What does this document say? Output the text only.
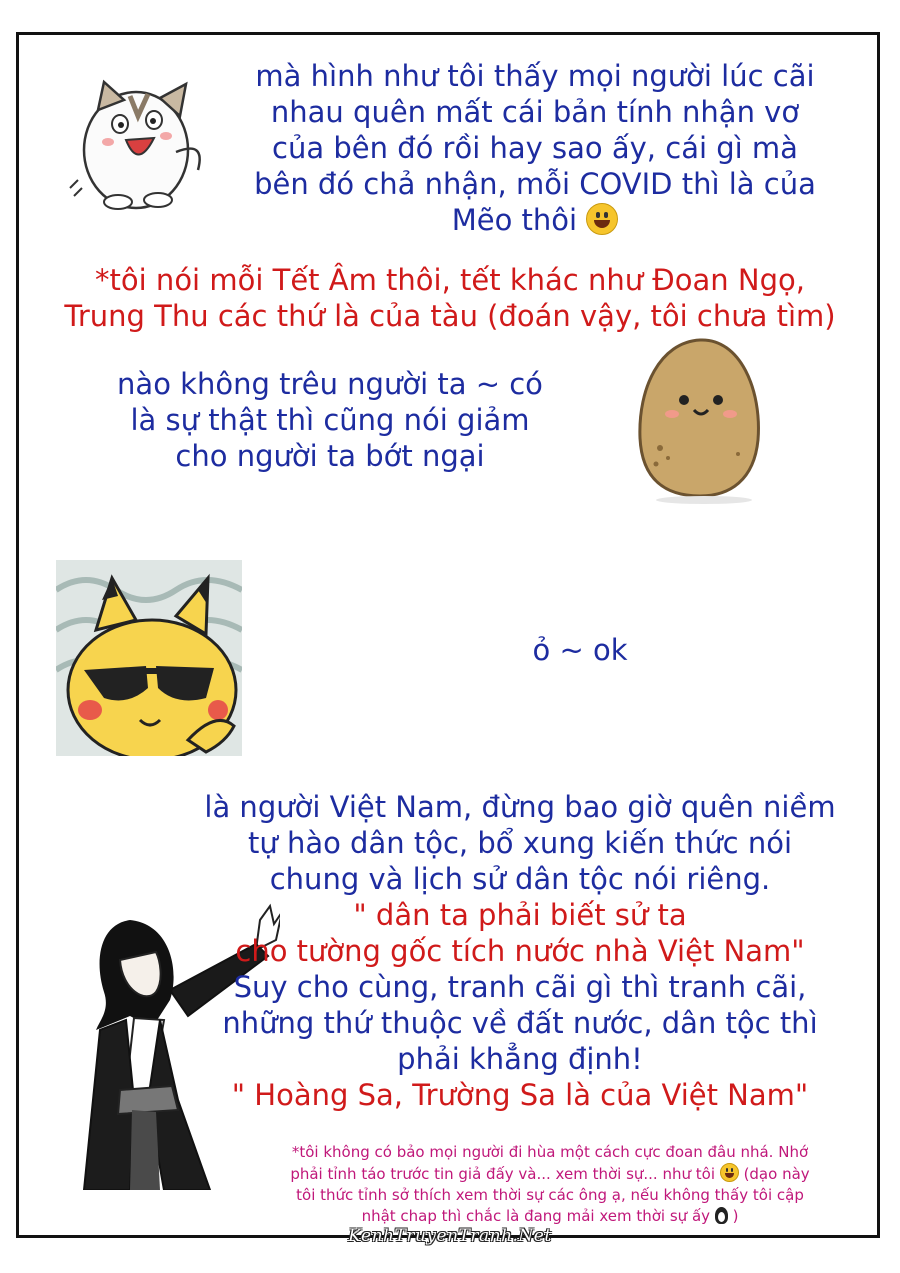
mà hình như tôi thấy mọi người lúc cãi
nhau quên mất cái bản tính nhận vơ
của bên đó rồi hay sao ấy, cái gì mà
bên đó chả nhận, mỗi COVID thì là của
Mẽo thôi
*tôi nói mỗi Tết Âm thôi, tết khác như Đoan Ngọ,
Trung Thu các thứ là của tàu (đoán vậy, tôi chưa tìm)
nào không trêu người ta ~ có
là sự thật thì cũng nói giảm
cho người ta bớt ngại
ỏ ~ ok
là người Việt Nam, đừng bao giờ quên niềm
tự hào dân tộc, bổ xung kiến thức nói
chung và lịch sử dân tộc nói riêng.
" dân ta phải biết sử ta
cho tường gốc tích nước nhà Việt Nam"
Suy cho cùng, tranh cãi gì thì tranh cãi,
những thứ thuộc về đất nước, dân tộc thì
phải khẳng định!
" Hoàng Sa, Trường Sa là của Việt Nam"
*tôi không có bảo mọi người đi hùa một cách cực đoan đâu nhá. Nhớ
phải tỉnh táo trước tin giả đấy và... xem thời sự... như tôi (dạo này
tôi thức tỉnh sở thích xem thời sự các ông ạ, nếu không thấy tôi cập
nhật chap thì chắc là đang mải xem thời sự ấy  )
KenhTruyenTranh.Net
